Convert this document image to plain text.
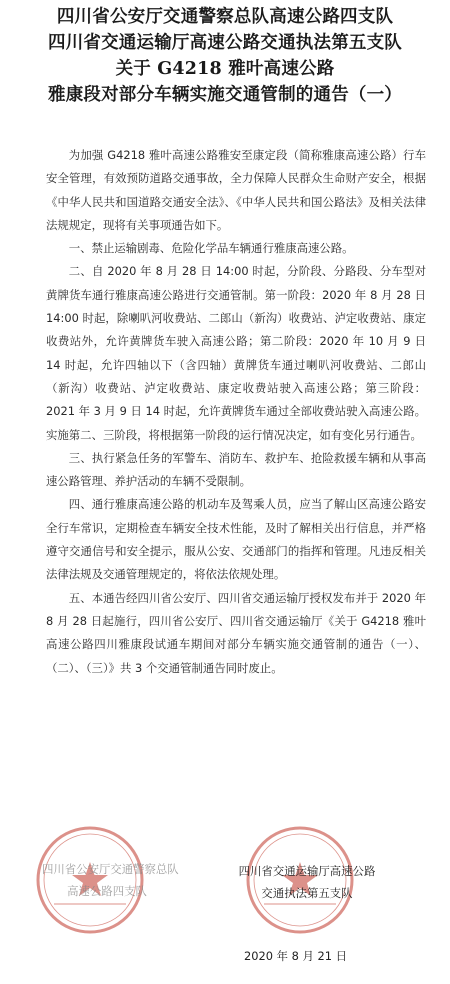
四川省公安厅交通警察总队高速公路四支队
四川省交通运输厅高速公路交通执法第五支队
关于 G4218 雅叶高速公路
雅康段对部分车辆实施交通管制的通告（一）

为加强 G4218 雅叶高速公路雅安至康定段（简称雅康高速公路）行车安全管理，有效预防道路交通事故，全力保障人民群众生命财产安全，根据《中华人民共和国道路交通安全法》、《中华人民共和国公路法》及相关法律法规规定，现将有关事项通告如下。

一、禁止运输剧毒、危险化学品车辆通行雅康高速公路。

二、自 2020 年 8 月 28 日 14:00 时起，分阶段、分路段、分车型对黄牌货车通行雅康高速公路进行交通管制。第一阶段：2020 年 8 月 28 日 14:00 时起，除喇叭河收费站、二郎山（新沟）收费站、泸定收费站、康定收费站外，允许黄牌货车驶入高速公路；第二阶段：2020 年 10 月 9 日 14 时起，允许四轴以下（含四轴）黄牌货车通过喇叭河收费站、二郎山（新沟）收费站、泸定收费站、康定收费站驶入高速公路；第三阶段：2021 年 3 月 9 日 14 时起，允许黄牌货车通过全部收费站驶入高速公路。实施第二、三阶段，将根据第一阶段的运行情况决定，如有变化另行通告。

三、执行紧急任务的军警车、消防车、救护车、抢险救援车辆和从事高速公路管理、养护活动的车辆不受限制。

四、通行雅康高速公路的机动车及驾乘人员，应当了解山区高速公路安全行车常识，定期检查车辆安全技术性能，及时了解相关出行信息，并严格遵守交通信号和安全提示，服从公安、交通部门的指挥和管理。凡违反相关法律法规及交通管理规定的，将依法依规处理。

五、本通告经四川省公安厅、四川省交通运输厅授权发布并于 2020 年 8 月 28 日起施行，四川省公安厅、四川省交通运输厅《关于 G4218 雅叶高速公路四川雅康段试通车期间对部分车辆实施交通管制的通告（一）、（二）、（三）》共 3 个交通管制通告同时废止。

四川省公安厅交通警察总队
高速公路四支队
四川省交通运输厅高速公路
交通执法第五支队
2020 年 8 月 21 日
